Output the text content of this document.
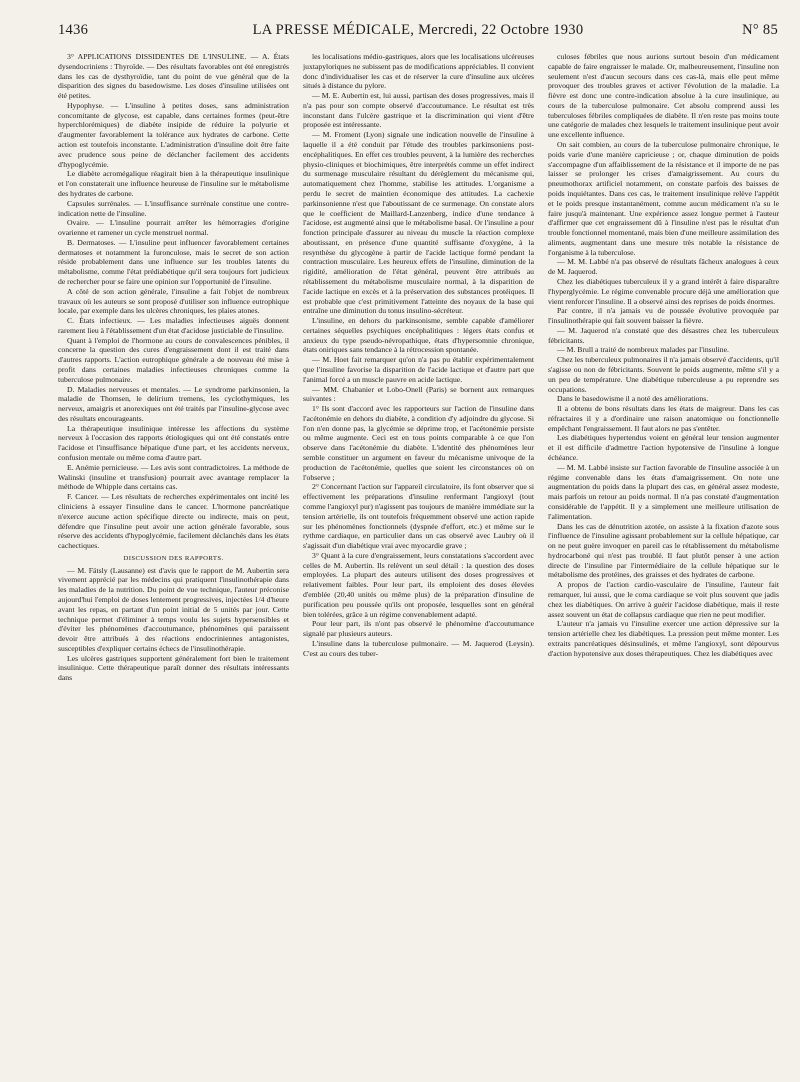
1436	LA PRESSE MÉDICALE, Mercredi, 22 Octobre 1930	N° 85

3° APPLICATIONS DISSIDENTES DE L'INSULINE. — A. États dysendocriniens : Thyroïde. — Des résultats favorables ont été enregistrés dans les cas de dysthyroïdie, tant du point de vue général que de la disparition des signes du basedowisme. Les doses d'insuline utilisées ont été petites.

Hypophyse. — L'insuline à petites doses, sans administration concomitante de glycose, est capable, dans certaines formes (peut-être hyperchlorémiques) de diabète insipide de réduire la polyurie et d'augmenter favorablement la tolérance aux hydrates de carbone. Cette action est toutefois inconstante. L'administration d'insuline doit être faite avec prudence sous peine de déclancher facilement des accidents d'hypoglycémie.

Le diabète acromégalique réagirait bien à la thérapeutique insulinique et l'on constaterait une influence heureuse de l'insuline sur le métabolisme des hydrates de carbone.

Capsules surrénales. — L'insuffisance surrénale constitue une contre-indication nette de l'insuline.

Ovaire. — L'insuline pourrait arrêter les hémorragies d'origine ovarienne et ramener un cycle menstruel normal.

B. Dermatoses. — L'insuline peut influencer favorablement certaines dermatoses et notamment la furonculose, mais le secret de son action réside probablement dans une influence sur les troubles latents du métabolisme, comme l'état prédiabétique qu'il sera toujours fort judicieux de rechercher pour se faire une opinion sur l'opportunité de l'insuline.

A côté de son action générale, l'insuline a fait l'objet de nombreux travaux où les auteurs se sont proposé d'utiliser son influence eutrophique locale, par exemple dans les ulcères chroniques, les plaies atones.

C. États infectieux. — Les maladies infectieuses aiguës donnent rarement lieu à l'établissement d'un état d'acidose justiciable de l'insuline.

Quant à l'emploi de l'hormone au cours de convalescences pénibles, il concerne la question des cures d'engraissement dont il est traité dans d'autres rapports. L'action eutrophique générale a de nouveau été mise à profit dans certaines maladies infectieuses chroniques comme la tuberculose pulmonaire.

D. Maladies nerveuses et mentales. — Le syndrome parkinsonien, la maladie de Thomsen, le delirium tremens, les cyclothymiques, les nerveux, amaigris et anorexiques ont été traités par l'insuline-glycose avec des résultats encourageants.

La thérapeutique insulinique intéresse les affections du système nerveux à l'occasion des rapports étiologiques qui ont été constatés entre l'acidose et l'insuffisance hépatique d'une part, et les accidents nerveux, confusion mentale ou même coma d'autre part.

E. Anémie pernicieuse. — Les avis sont contradictoires. La méthode de Walinski (insuline et transfusion) pourrait avec avantage remplacer la méthode de Whipple dans certains cas.

F. Cancer. — Les résultats de recherches expérimentales ont incité les cliniciens à essayer l'insuline dans le cancer. L'hormone pancréatique n'exerce aucune action spécifique directe ou indirecte, mais on peut, défendre que l'insuline peut avoir une action générale favorable, sous réserve des accidents d'hypoglycémie, facilement déclanchés dans les états cachectiques.

DISCUSSION DES RAPPORTS.

— M. Fätsly (Lausanne) est d'avis que le rapport de M. Aubertin sera vivement apprécié par les médecins qui pratiquent l'insulinothérapie dans les maladies de la nutrition. Du point de vue technique, l'auteur préconise aujourd'hui l'emploi de doses lentement progressives, injectées 1/4 d'heure avant les repas, en partant d'un point initial de 5 unités par jour. Cette technique permet d'éliminer à temps voulu les sujets hypersensibles et d'éviter les phénomènes d'accoutumance, phénomènes qui paraissent devoir être attribués à des réactions endocriniennes antagonistes, susceptibles d'expliquer certains échecs de l'insulinothérapie.

Les ulcères gastriques supportent généralement fort bien le traitement insulinique. Cette thérapeutique paraît donner des résultats intéressants dans

les localisations médio-gastriques, alors que les localisations ulcéreuses juxtapyloriques ne subissent pas de modifications appréciables. Il convient donc d'individualiser les cas et de réserver la cure d'insuline aux ulcères situés à distance du pylore.

— M. E. Aubertin est, lui aussi, partisan des doses progressives, mais il n'a pas pour son compte observé d'accoutumance. Le résultat est très inconstant dans l'ulcère gastrique et la discrimination qui vient d'être proposée est intéressante.

— M. Froment (Lyon) signale une indication nouvelle de l'insuline à laquelle il a été conduit par l'étude des troubles parkinsoniens post-encéphalitiques. En effet ces troubles peuvent, à la lumière des recherches physio-cliniques et biochimiques, être interprétés comme un effet indirect du surmenage musculaire résultant du dérèglement du mécanisme qui, automatiquement chez l'homme, stabilise les attitudes. L'organisme a perdu le secret de maintien économique des attitudes. La cachexie parkinsonienne n'est que l'aboutissant de ce surmenage. On constate alors que le coefficient de Maillard-Lanzenberg, indice d'une tendance à l'acidose, est augmenté ainsi que le métabolisme basal. Or l'insuline a pour fonction principale d'assurer au niveau du muscle la réaction complexe aboutissant, en présence d'une quantité suffisante d'oxygène, à la resynthèse du glycogène à partir de l'acide lactique formé pendant la contraction musculaire. Les heureux effets de l'insuline, diminution de la rigidité, amélioration de l'état général, peuvent être attribués au rétablissement du métabolisme musculaire normal, à la disparition de l'acide lactique en excès et à la préservation des substances protéiques. Il est probable que c'est primitivement l'atteinte des noyaux de la base qui entraîne une diminution du tonus insulino-sécréteur.

L'insuline, en dehors du parkinsonisme, semble capable d'améliorer certaines séquelles psychiques encéphalitiques : légers états confus et anxieux du type pseudo-névropathique, états d'hypersomnie chronique, états oniriques sans tendance à la rétrocession spontanée.

— M. Hoet fait remarquer qu'on n'a pas pu établir expérimentalement que l'insuline favorise la disparition de l'acide lactique et d'autre part que l'animal forcé a un muscle pauvre en acide lactique.

— MM. Chabanier et Lobo-Onell (Paris) se bornent aux remarques suivantes :

1° Ils sont d'accord avec les rapporteurs sur l'action de l'insuline dans l'acétonémie en dehors du diabète, à condition d'y adjoindre du glycose. Si l'on n'en donne pas, la glycémie se déprime trop, et l'acétonémie persiste ou même augmente. Ceci est en tous points comparable à ce que l'on observe dans l'acétonémie du diabète. L'identité des phénomènes leur semble constituer un argument en faveur du mécanisme univoque de la production de l'acétonémie, quelles que soient les circonstances où on l'observe ;

2° Concernant l'action sur l'appareil circulatoire, ils font observer que si effectivement les préparations d'insuline renfermant l'angioxyl (tout comme l'angioxyl pur) n'agissent pas toujours de manière immédiate sur la tension artérielle, ils ont toutefois fréquemment observé une action rapide sur les phénomènes fonctionnels (dyspnée d'effort, etc.) et même sur le rythme cardiaque, en particulier dans un cas observé avec Laubry où il s'agissait d'un diabétique vrai avec myocardie grave ;

3° Quant à la cure d'engraissement, leurs constatations s'accordent avec celles de M. Aubertin. Ils relèvent un seul détail : la question des doses employées. La plupart des auteurs utilisent des doses progressives et relativement faibles. Pour leur part, ils emploient des doses élevées d'emblée (20,40 unités ou même plus) de la préparation d'insuline de purification peu poussée qu'ils ont proposée, lesquelles sont en général bien tolérées, grâce à un régime convenablement adapté.

Pour leur part, ils n'ont pas observé le phénomène d'accoutumance signalé par plusieurs auteurs.

L'insuline dans la tuberculose pulmonaire. — M. Jaquerod (Leysin). C'est au cours des tuber-

culoses fébriles que nous aurions surtout besoin d'un médicament capable de faire engraisser le malade. Or, malheureusement, l'insuline non seulement n'est d'aucun secours dans ces cas-là, mais elle peut même provoquer des troubles graves et activer l'évolution de la maladie. La fièvre est donc une contre-indication absolue à la cure insulinique, au cours de la tuberculose pulmonaire. Cet absolu comprend aussi les tuberculoses fébriles compliquées de diabète. Il n'en reste pas moins toute une catégorie de malades chez lesquels le traitement insulinique peut avoir une excellente influence.

On sait combien, au cours de la tuberculose pulmonaire chronique, le poids varie d'une manière capricieuse ; or, chaque diminution de poids s'accompagne d'un affaiblissement de la résistance et il importe de ne pas laisser se prolonger les crises d'amaigrissement. Au cours du pneumothorax artificiel notamment, on constate parfois des baisses de poids inquiétantes. Dans ces cas, le traitement insulinique relève l'appétit et le poids presque instantanément, comme aucun médicament n'a su le faire jusqu'à maintenant. Une expérience assez longue permet à l'auteur d'affirmer que cet engraissement dû à l'insuline n'est pas le résultat d'un trouble fonctionnel momentané, mais bien d'une meilleure assimilation des aliments, augmentant dans une mesure très notable la résistance de l'organisme à la tuberculose.

— M. M. Labbé n'a pas observé de résultats fâcheux analogues à ceux de M. Jaquerod.

Chez les diabétiques tuberculeux il y a grand intérêt à faire disparaître l'hyperglycémie. Le régime convenable procure déjà une amélioration que vient renforcer l'insuline. Il a observé ainsi des reprises de poids énormes.

Par contre, il n'a jamais vu de poussée évolutive provoquée par l'insulinothérapie qui fait souvent baisser la fièvre.

— M. Jaquerod n'a constaté que des désastres chez les tuberculeux fébricitants.

— M. Brull a traité de nombreux malades par l'insuline.

Chez les tuberculeux pulmonaires il n'a jamais observé d'accidents, qu'il s'agisse ou non de fébricitants. Souvent le poids augmente, même s'il y a un peu de température. Une diabétique tuberculeuse a pu reprendre ses occupations.

Dans le basedowisme il a noté des améliorations.

Il a obtenu de bons résultats dans les états de maigreur. Dans les cas réfractaires il y a d'ordinaire une raison anatomique ou fonctionnelle empêchant l'engraissement. Il faut alors ne pas s'entêter.

Les diabétiques hypertendus voient en général leur tension augmenter et il est difficile d'admettre l'action hypotensive de l'insuline à longue échéance.

— M. M. Labbé insiste sur l'action favorable de l'insuline associée à un régime convenable dans les états d'amaigrissement. On note une augmentation du poids dans la plupart des cas, en général assez modeste, mais parfois un retour au poids normal. Il n'a pas constaté d'augmentation considérable de l'appétit. Il y a simplement une meilleure utilisation de l'alimentation.

Dans les cas de dénutrition azotée, on assiste à la fixation d'azote sous l'influence de l'insuline agissant probablement sur la cellule hépatique, car on ne peut guère invoquer en pareil cas le rétablissement du métabolisme hydrocarboné qui n'est pas troublé. Il faut plutôt penser à une action directe de l'insuline par l'intermédiaire de la cellule hépatique sur le métabolisme des protéines, des graisses et des hydrates de carbone.

A propos de l'action cardio-vasculaire de l'insuline, l'auteur fait remarquer, lui aussi, que le coma cardiaque se voit plus souvent que jadis chez les diabétiques. On arrive à guérir l'acidose diabétique, mais il reste assez souvent un état de collapsus cardiaque que rien ne peut modifier.

L'auteur n'a jamais vu l'insuline exercer une action dépressive sur la tension artérielle chez les diabétiques. La pression peut même monter. Les extraits pancréatiques désinsulinés, et même l'angioxyl, sont dépourvus d'action hypotensive aux doses thérapeutiques. Chez les diabétiques avec
